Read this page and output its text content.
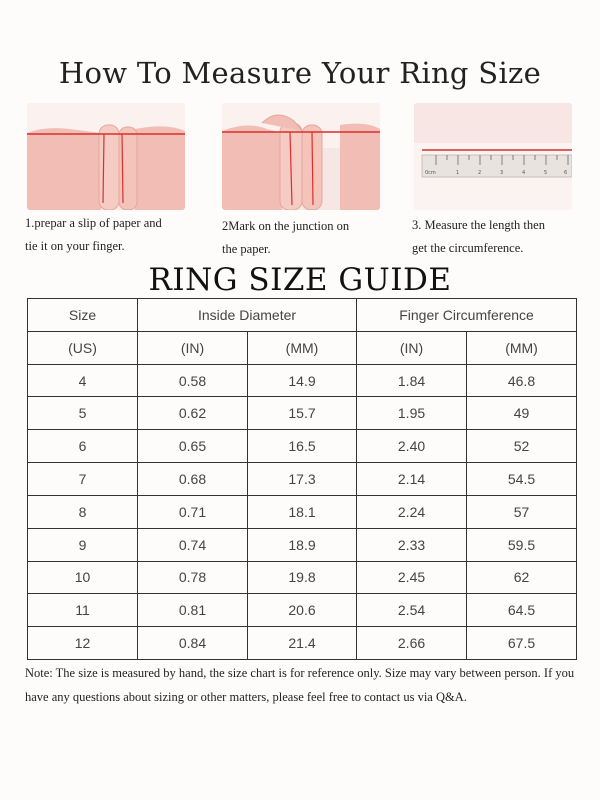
How To Measure Your Ring Size
0cm	1	2	3	4	5	6
1.prepar a slip of paper and
tie it on your finger.
2Mark on the junction on
the paper.
3. Measure the length then
get the circumference.
RING SIZE GUIDE
Size	Inside Diameter		Finger Circumference	
(US)	(IN)	(MM)	(IN)	(MM)
4	0.58	14.9	1.84	46.8
5	0.62	15.7	1.95	49
6	0.65	16.5	2.40	52
7	0.68	17.3	2.14	54.5
8	0.71	18.1	2.24	57
9	0.74	18.9	2.33	59.5
10	0.78	19.8	2.45	62
11	0.81	20.6	2.54	64.5
12	0.84	21.4	2.66	67.5
Note: The size is measured by hand, the size chart is for reference only. Size may vary between person. If you have any questions about sizing or other matters, please feel free to contact us via Q&A.
